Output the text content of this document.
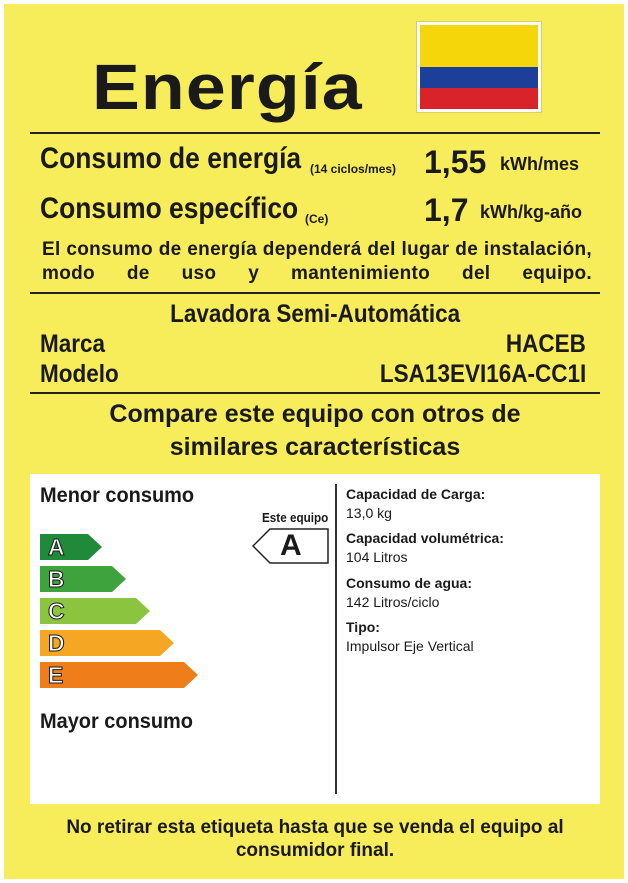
Energía
Consumo de energía (14 ciclos/mes) 1,55 kWh/mes
Consumo específico (Ce)	1,7 kWh/kg-año
El consumo de energía dependerá del lugar de instalación, modo de uso y mantenimiento del equipo.
Lavadora Semi-Automática
Marca	HACEB
Modelo	LSA13EVI16A-CC1I
Compare este equipo con otros de
similares características
Menor consumo
A
B
C
D
E
Mayor consumo
Este equipo
A
Capacidad de Carga:
13,0 kg
Capacidad volumétrica:
104 Litros
Consumo de agua:
142 Litros/ciclo
Tipo:
Impulsor Eje Vertical
No retirar esta etiqueta hasta que se venda el equipo al
consumidor final.
